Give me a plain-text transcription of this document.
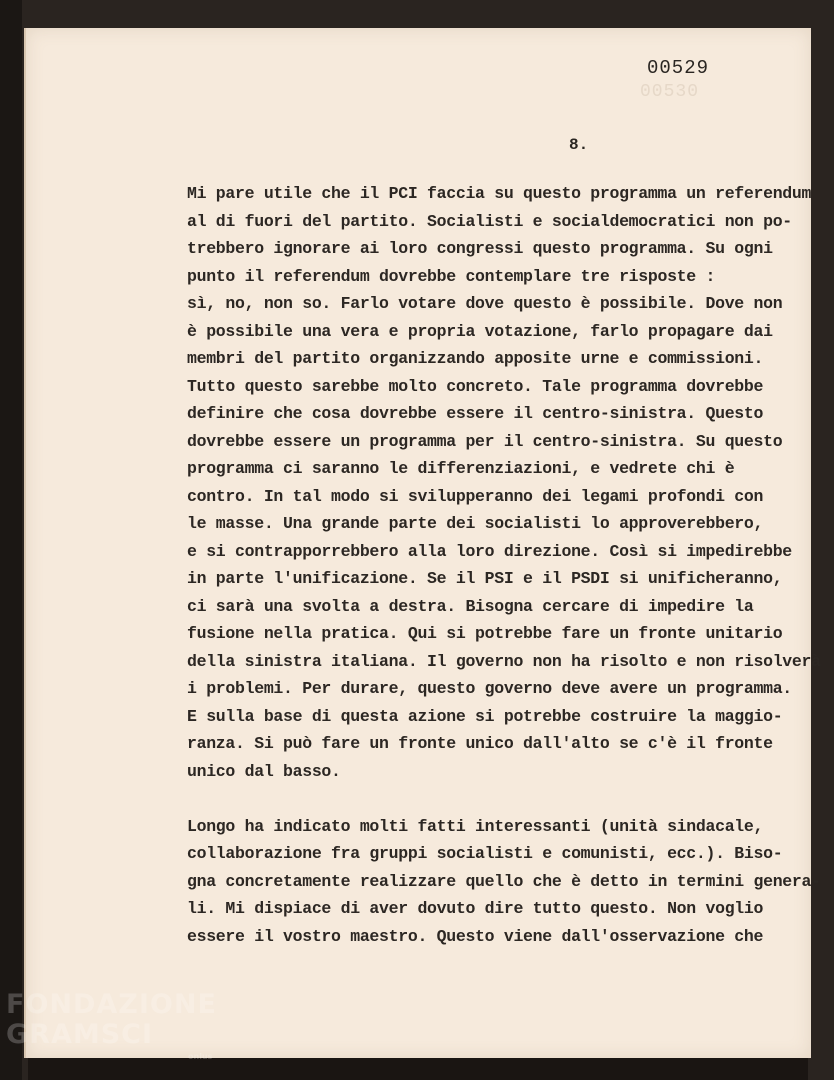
00530
00529
8.
Mi pare utile che il PCI faccia su questo programma un referendum
al di fuori del partito. Socialisti e socialdemocratici non po-
trebbero ignorare ai loro congressi questo programma. Su ogni
punto il referendum dovrebbe contemplare tre risposte :
sì, no, non so. Farlo votare dove questo è possibile. Dove non
è possibile una vera e propria votazione, farlo propagare dai
membri del partito organizzando apposite urne e commissioni.
Tutto questo sarebbe molto concreto. Tale programma dovrebbe
definire che cosa dovrebbe essere il centro-sinistra. Questo
dovrebbe essere un programma per il centro-sinistra. Su questo
programma ci saranno le differenziazioni, e vedrete chi è
contro. In tal modo si svilupperanno dei legami profondi con
le masse. Una grande parte dei socialisti lo approverebbero,
e si contrapporrebbero alla loro direzione. Così si impedirebbe
in parte l'unificazione. Se il PSI e il PSDI si unificheranno,
ci sarà una svolta a destra. Bisogna cercare di impedire la
fusione nella pratica. Qui si potrebbe fare un fronte unitario
della sinistra italiana. Il governo non ha risolto e non risolverà
i problemi. Per durare, questo governo deve avere un programma.
E sulla base di questa azione si potrebbe costruire la maggio-
ranza. Si può fare un fronte unico dall'alto se c'è il fronte
unico dal basso.
Longo ha indicato molti fatti interessanti (unità sindacale,
collaborazione fra gruppi socialisti e comunisti, ecc.). Biso-
gna concretamente realizzare quello che è detto in termini genera-
li. Mi dispiace di aver dovuto dire tutto questo. Non voglio
essere il vostro maestro. Questo viene dall'osservazione che
FONDAZIONE
GRAMSCI
onlus
